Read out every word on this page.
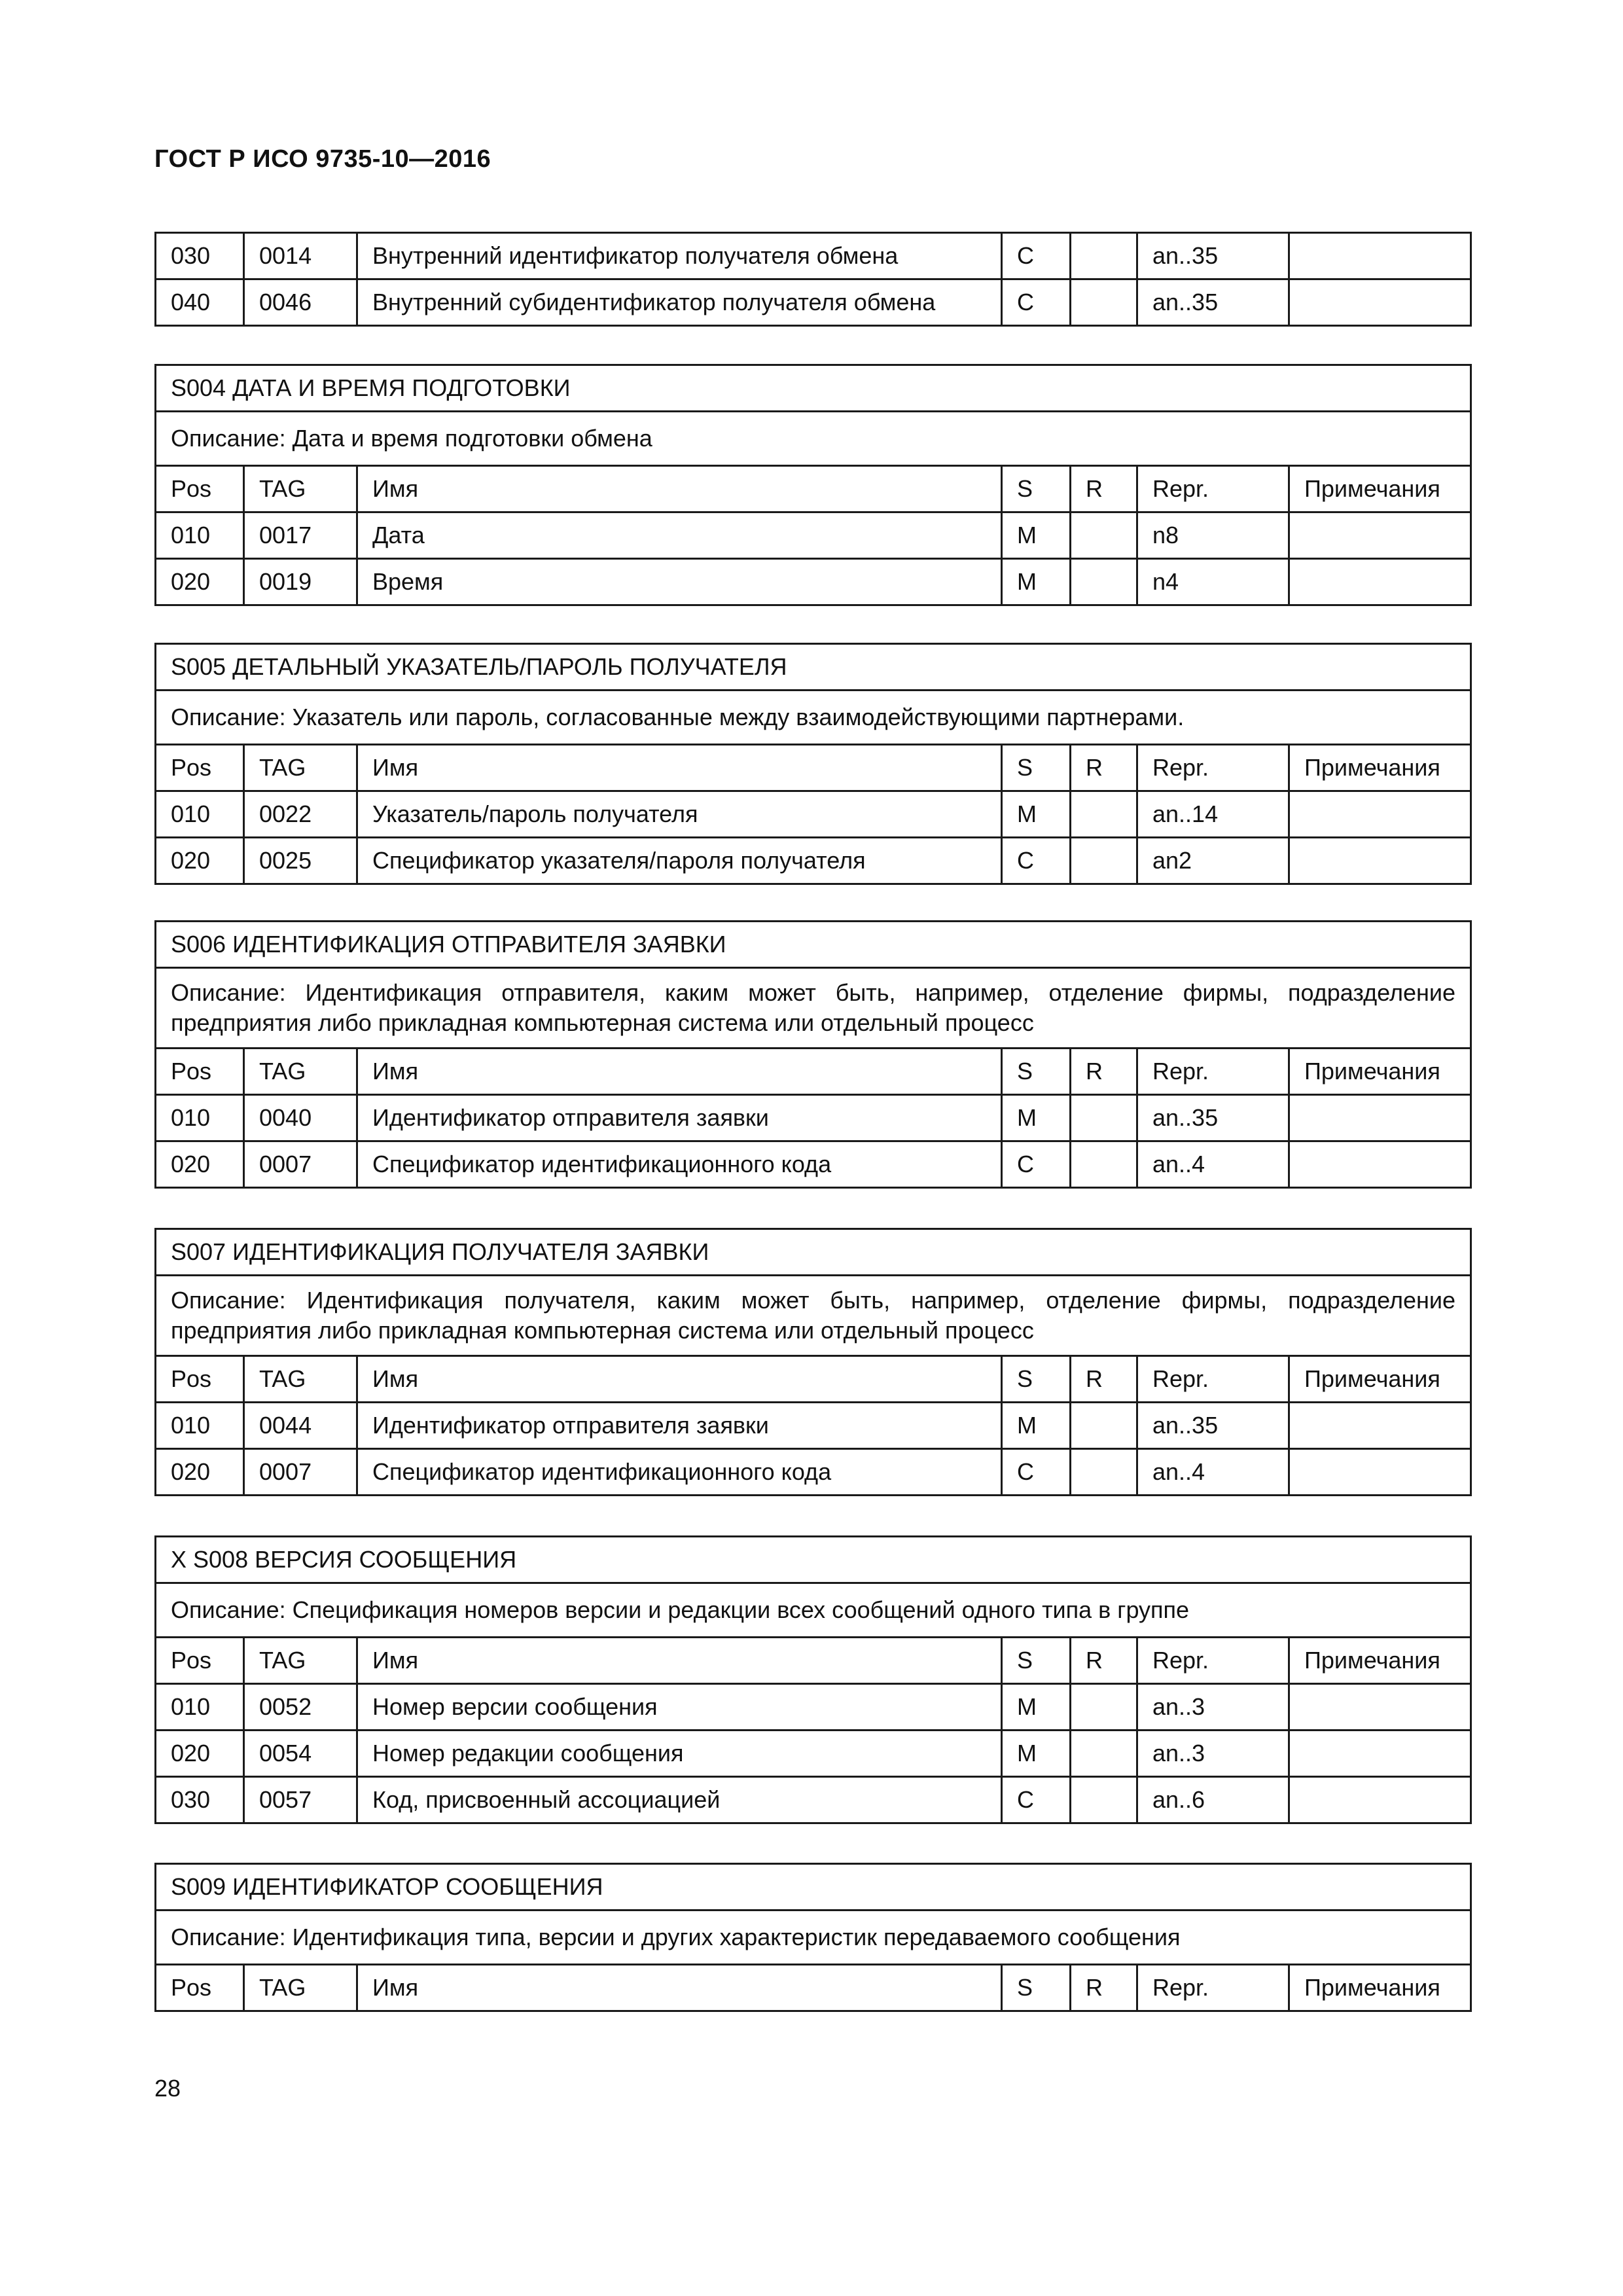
ГОСТ Р ИСО 9735-10—2016
030	0014	Внутренний идентификатор получателя обмена	C		an..35	
040	0046	Внутренний субидентификатор получателя обмена	C		an..35	
S004 ДАТА И ВРЕМЯ ПОДГОТОВКИ						
Описание: Дата и время подготовки обмена						
Pos	TAG	Имя	S	R	Repr.	Примечания
010	0017	Дата	M		n8	
020	0019	Время	M		n4	
S005 ДЕТАЛЬНЫЙ УКАЗАТЕЛЬ/ПАРОЛЬ ПОЛУЧАТЕЛЯ						
Описание: Указатель или пароль, согласованные между взаимодействующими партнерами.						
Pos	TAG	Имя	S	R	Repr.	Примечания
010	0022	Указатель/пароль получателя	M		an..14	
020	0025	Спецификатор указателя/пароля получателя	C		an2	
S006 ИДЕНТИФИКАЦИЯ ОТПРАВИТЕЛЯ ЗАЯВКИ						
Описание: Идентификация отправителя, каким может быть, например, отделение фирмы, подразделение предприятия либо прикладная компьютерная система или отдельный процесс						
Pos	TAG	Имя	S	R	Repr.	Примечания
010	0040	Идентификатор отправителя заявки	M		an..35	
020	0007	Спецификатор идентификационного кода	C		an..4	
S007 ИДЕНТИФИКАЦИЯ ПОЛУЧАТЕЛЯ ЗАЯВКИ						
Описание: Идентификация получателя, каким может быть, например, отделение фирмы, подразделение предприятия либо прикладная компьютерная система или отдельный процесс						
Pos	TAG	Имя	S	R	Repr.	Примечания
010	0044	Идентификатор отправителя заявки	M		an..35	
020	0007	Спецификатор идентификационного кода	C		an..4	
X S008 ВЕРСИЯ СООБЩЕНИЯ						
Описание: Спецификация номеров версии и редакции всех сообщений одного типа в группе						
Pos	TAG	Имя	S	R	Repr.	Примечания
010	0052	Номер версии сообщения	M		an..3	
020	0054	Номер редакции сообщения	M		an..3	
030	0057	Код, присвоенный ассоциацией	C		an..6	
S009 ИДЕНТИФИКАТОР СООБЩЕНИЯ
Описание: Идентификация типа, версии и других характеристик передаваемого сообщения
Pos	TAG	Имя	S	R	Repr.	Примечания
28
